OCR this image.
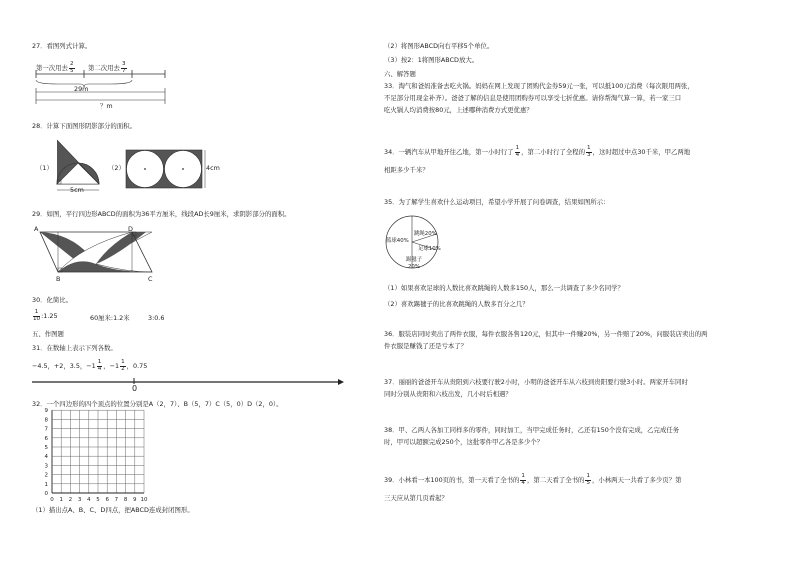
27．看图列式计算。
第一次用去 $\frac{2}{5}$ 第二次用去 $\frac{3}{7}$
29m
？m
28．计算下面图形阴影部分的面积。
（1）
5cm
（2）	4cm
29．如图，平行四边形ABCD的面积为36平方厘米，线段AD长9厘米，求阴影部分的面积。
A	D
B	C
30．化简比。
$\frac{1}{10}$ :1.25	60厘米:1.2米	3:0.6
五、作图题
31．在数轴上表示下列各数。
−4.5，+2，3.5，$-1 \frac{1}{4}$ ，$-1 \frac{1}{2}$ ，0.75
0
32．一个四边形的四个顶点的位置分别是A（2，7）、B（5，7）C（5，0）D（2，0）。
0 1 2 3 4 5 6 7 8 9 10
9
8
7
6
5
4
3
2
1
0
（1）描出点A、B、C、D四点，把ABCD连成封闭图形。
（2）将图形ABCD向右平移5个单位。
（3）按2：1将图形ABCD放大。
六、解答题
33．淘气和爸妈准备去吃火锅。妈妈在网上发现了团购代金券59元一张，可以抵100元消费（每次限用两张，
不足部分用现金补齐）。爸爸了解的信息是使用团购券可以享受七折优惠。请你帮淘气算一算，若一家三口
吃火锅人均消费按80元，上述哪种消费方式更优惠？
34．一辆汽车从甲地开往乙地，第一小时行了 $\frac{1}{4}$ ，第二小时行了全程的 $\frac{1}{3}$ ，这时超过中点30千米，甲乙两地
相距多少千米？
35．为了解学生喜欢什么运动项目，希望小学开展了问卷调查，结果如图所示：
篮球40%
跳绳20%
足球10%
踢毽子20%
（1）如果喜欢足球的人数比喜欢跳绳的人数多150人，那么一共调查了多少名同学？
（2）喜欢踢毽子的比喜欢跳绳的人数多百分之几？
36．服装店同时卖出了两件衣服，每件衣服各售120元，但其中一件赚20%，另一件赔了20%，问服装店卖出的两
件衣服是赚钱了还是亏本了？
37．丽丽的爸爸开车从贵阳到六枝要行驶2小时，小明的爸爸开车从六枝到贵阳要行驶3小时。两家开车同时
同时分别从贵阳和六枝出发，几小时后相遇？
38．甲、乙两人各加工同样多的零件，同时加工，当甲完成任务时，乙还有150个没有完成，乙完成任务
时，甲可以超额完成250个，这批零件甲乙各是多少个？
39．小林看一本100页的书，第一天看了全书的 $\frac{1}{4}$ ，第二天看了全书的 $\frac{1}{5}$ ，小林两天一共看了多少页？第
三天应从第几页看起？
